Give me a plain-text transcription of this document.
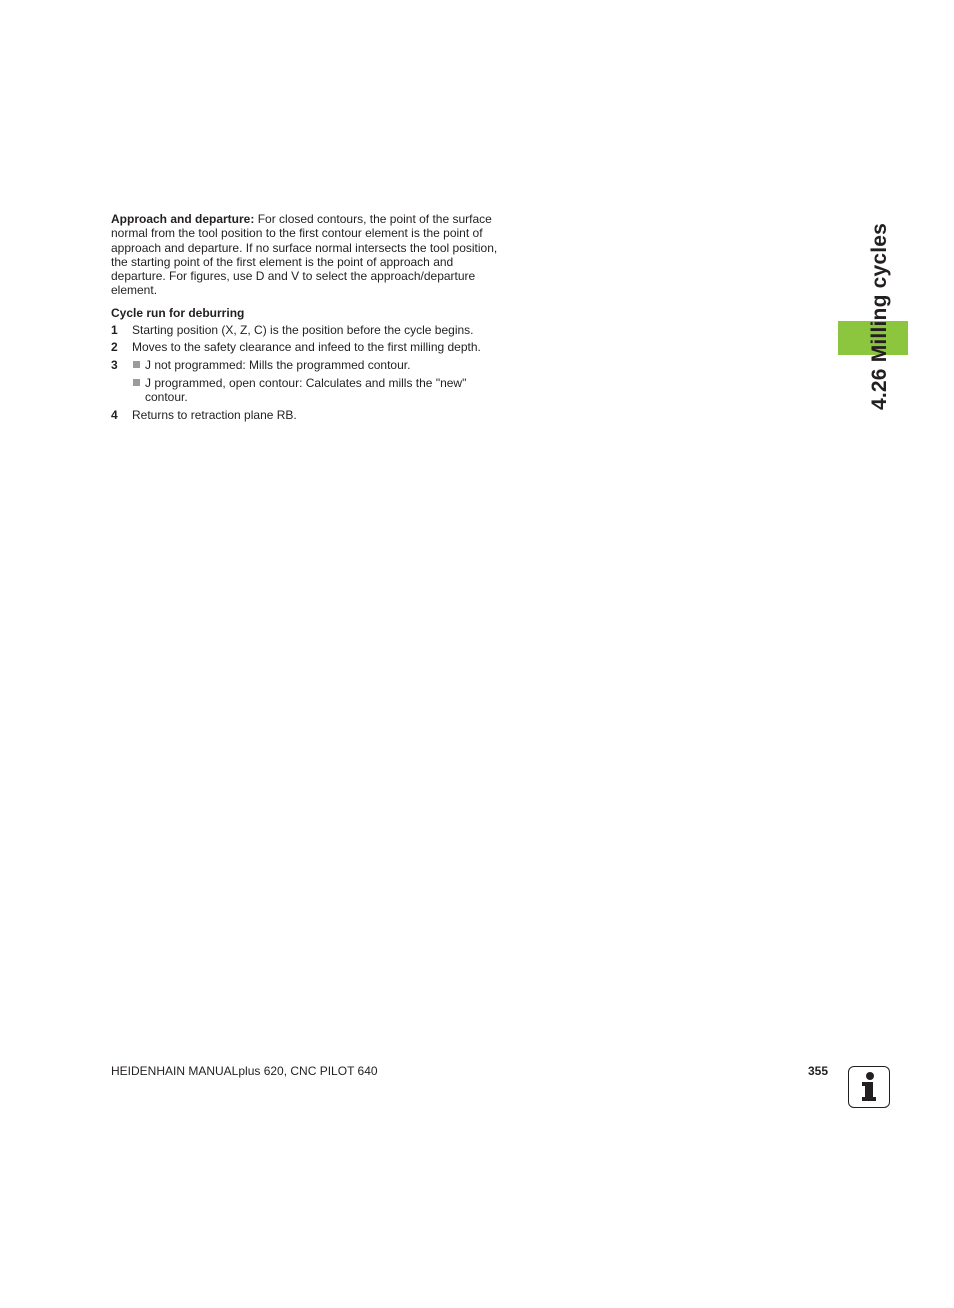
4.26 Milling cycles

Approach and departure: For closed contours, the point of the surface normal from the tool position to the first contour element is the point of approach and departure. If no surface normal intersects the tool position, the starting point of the first element is the point of approach and departure. For figures, use D and V to select the approach/departure element.

Cycle run for deburring
1	Starting position (X, Z, C) is the position before the cycle begins.
2	Moves to the safety clearance and infeed to the first milling depth.
3	J not programmed: Mills the programmed contour.
J programmed, open contour: Calculates and mills the "new" contour.
4	Returns to retraction plane RB.
HEIDENHAIN MANUALplus 620, CNC PILOT 640	355
